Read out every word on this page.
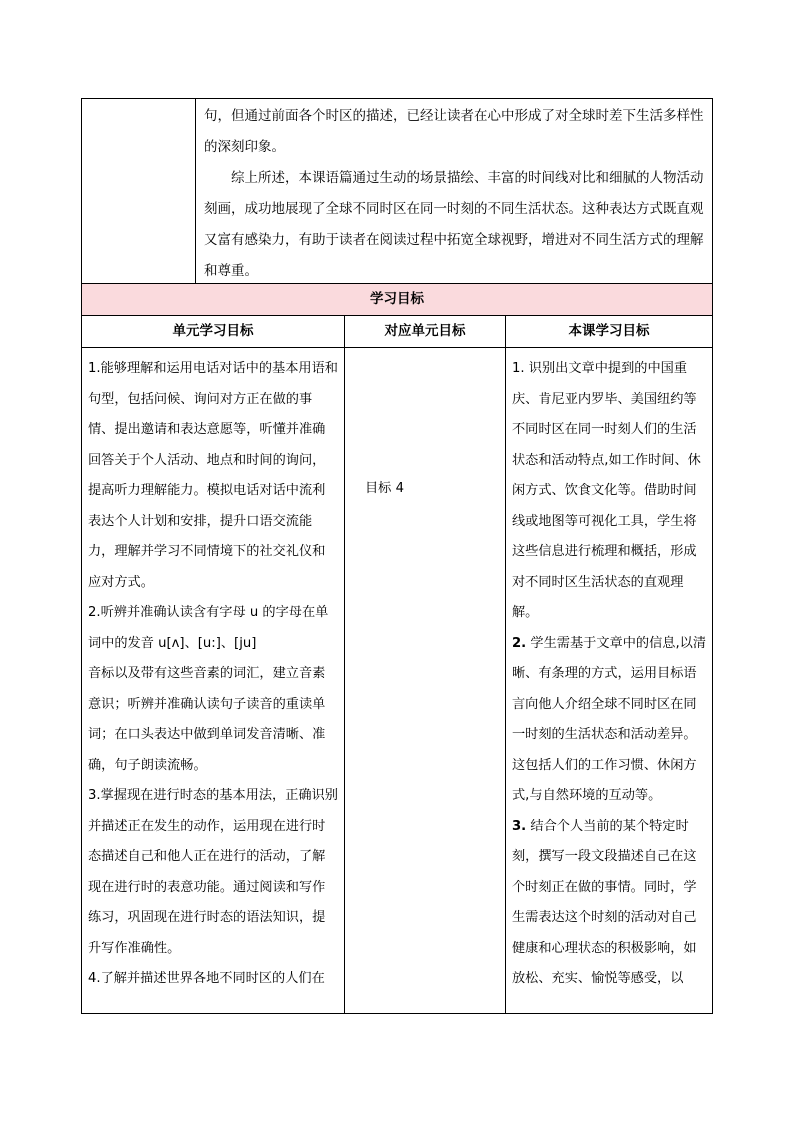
句，但通过前面各个时区的描述，已经让读者在心中形成了对全球时差下生活多样性的深刻印象。

综上所述，本课语篇通过生动的场景描绘、丰富的时间线对比和细腻的人物活动刻画，成功地展现了全球不同时区在同一时刻的不同生活状态。这种表达方式既直观又富有感染力，有助于读者在阅读过程中拓宽全球视野，增进对不同生活方式的理解和尊重。

学习目标
单元学习目标	对应单元目标	本课学习目标

1.能够理解和运用电话对话中的基本用语和句型，包括问候、询问对方正在做的事情、提出邀请和表达意愿等，听懂并准确回答关于个人活动、地点和时间的询问，提高听力理解能力。模拟电话对话中流利表达个人计划和安排，提升口语交流能力，理解并学习不同情境下的社交礼仪和应对方式。

2.听辨并准确认读含有字母 u 的字母在单词中的发音 u[ʌ]、[u:]、[ju]

音标以及带有这些音素的词汇，建立音素意识；听辨并准确认读句子读音的重读单词；在口头表达中做到单词发音清晰、准确，句子朗读流畅。

3.掌握现在进行时态的基本用法，正确识别并描述正在发生的动作，运用现在进行时态描述自己和他人正在进行的活动，了解现在进行时的表意功能。通过阅读和写作练习，巩固现在进行时态的语法知识，提升写作准确性。

4.了解并描述世界各地不同时区的人们在

目标 4

1. 识别出文章中提到的中国重庆、肯尼亚内罗毕、美国纽约等不同时区在同一时刻人们的生活状态和活动特点,如工作时间、休闲方式、饮食文化等。借助时间线或地图等可视化工具，学生将这些信息进行梳理和概括，形成对不同时区生活状态的直观理解。

2. 学生需基于文章中的信息,以清晰、有条理的方式，运用目标语言向他人介绍全球不同时区在同一时刻的生活状态和活动差异。这包括人们的工作习惯、休闲方式,与自然环境的互动等。

3. 结合个人当前的某个特定时刻，撰写一段文段描述自己在这个时刻正在做的事情。同时，学生需表达这个时刻的活动对自己健康和心理状态的积极影响，如放松、充实、愉悦等感受，以
